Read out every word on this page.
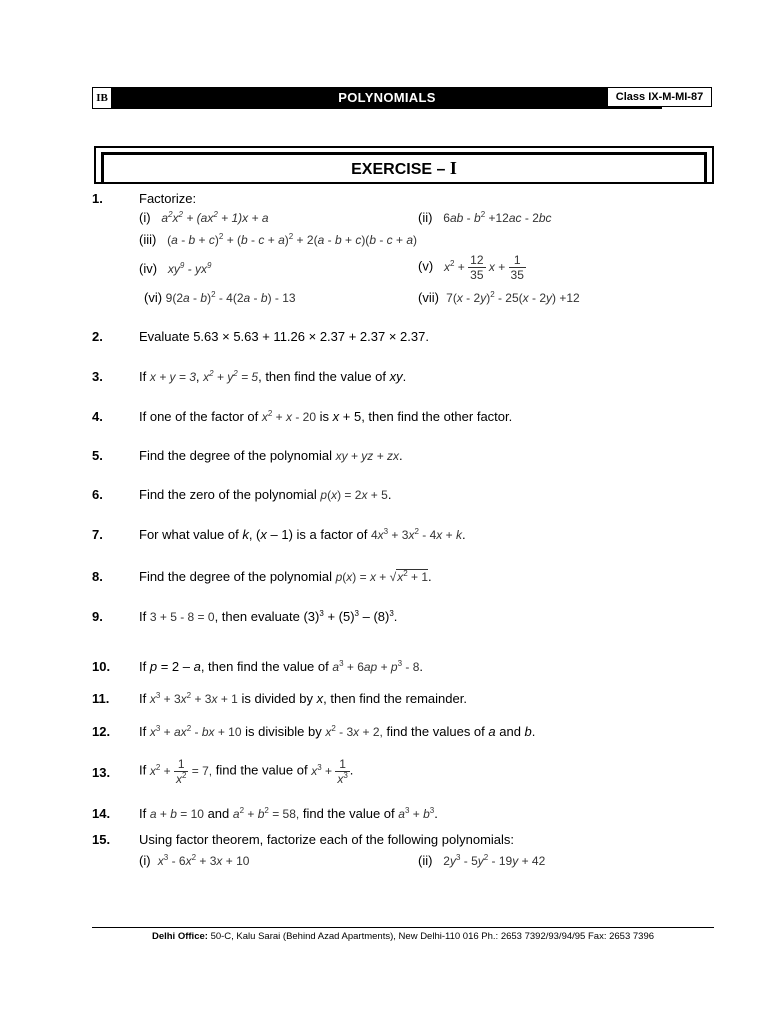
IB	POLYNOMIALS	Class IX-M-MI-87
EXERCISE – I
1.	Factorize:
(i) $a^2x^2 + (ax^2 + 1)x + a$	(ii) $6ab - b^2 +12ac - 2bc$
(iii) $(a - b + c)^2 + (b - c + a)^2 + 2(a - b + c)(b - c + a)$
(iv) $xy^9 - yx^9$	(v) $x^2 + \frac{12}{35}$ $x + \frac{1}{35}$
(vi) 9(2a - b)$^2$ - 4(2a - b) - 13	(vii) 7(x - 2y)$^2$ - 25(x - 2y) +12
2.	Evaluate 5.63 × 5.63 + 11.26 × 2.37 + 2.37 × 2.37.
3.	If x + y = 3, $x^2 + y^2 = 5$, then find the value of xy.
4.	If one of the factor of $x^2 + x - 20$ is x + 5, then find the other factor.
5.	Find the degree of the polynomial xy + yz + zx.
6.	Find the zero of the polynomial p(x) = 2x + 5.
7.	For what value of k, (x – 1) is a factor of $4x^3 + 3x^2 - 4x + k$.
8.	Find the degree of the polynomial $p(x) = x + √x^2 + 1$.
9.	If 3 + 5 - 8 = 0, then evaluate $(3)^3 + (5)^3 - (8)^3$.
10. If p = 2 – a, then find the value of $a^3 + 6ap + p^3 - 8$.
11. If $x^3 + 3x^2 + 3x + 1$ is divided by x, then find the remainder.
12. If $x^3 + ax^2$ - bx + 10 is divisible by $x^2 - 3x + 2$, find the values of a and b.
13. If $x^2 + \frac{1}{x^2} = 7$, find the value of $x^3 + \frac{1}{x^3}$ .
14. If a + b = 10 and $a^2 + b^2 = 58$, find the value of $a^3 + b^3$.
15. Using factor theorem, factorize each of the following polynomials:
(i) $x^3 - 6x^2 + 3x + 10$	(ii) $2y^3 - 5y^2 - 19y + 42$
Delhi Office: 50-C, Kalu Sarai (Behind Azad Apartments), New Delhi-110 016 Ph.: 2653 7392/93/94/95 Fax: 2653 7396
